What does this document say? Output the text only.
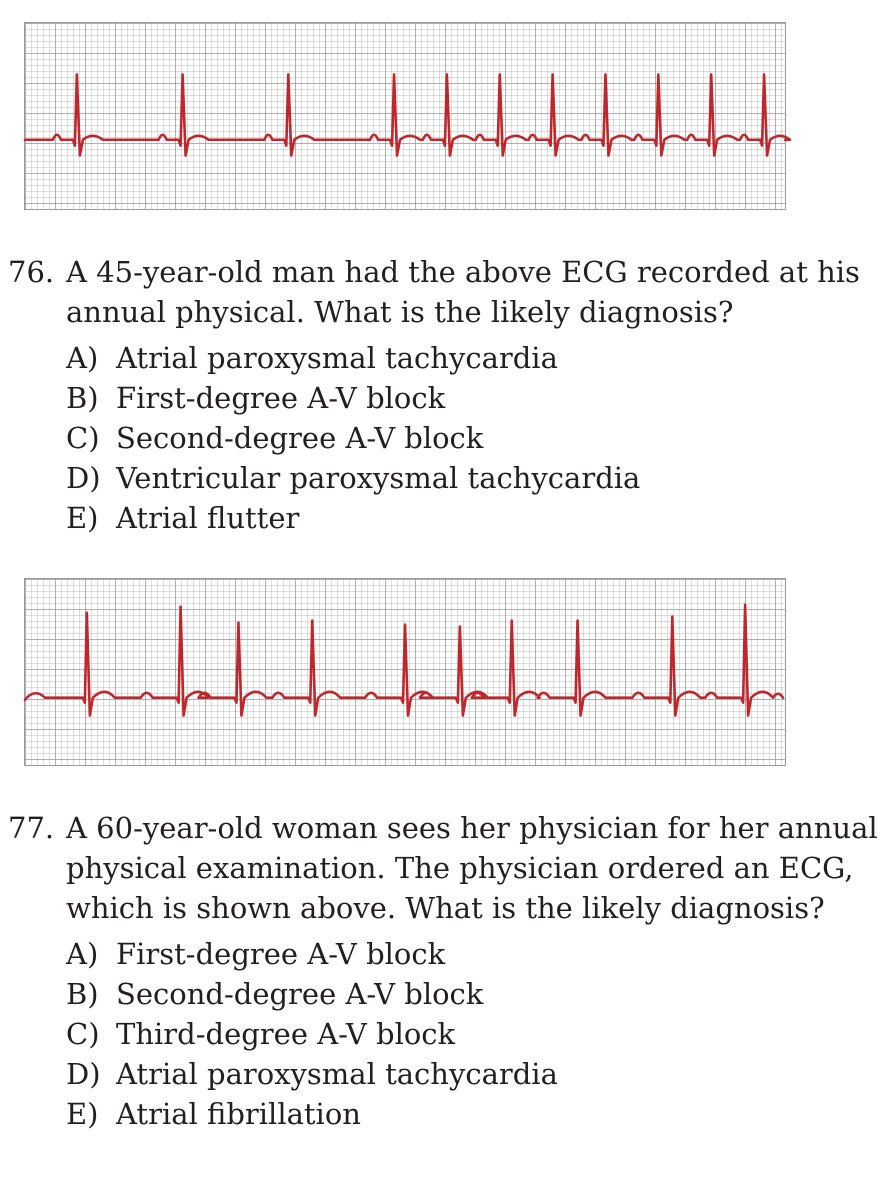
76. A 45-year-old man had the above ECG recorded at his annual physical. What is the likely diagnosis?
A) Atrial paroxysmal tachycardia
B) First-degree A-V block
C) Second-degree A-V block
D) Ventricular paroxysmal tachycardia
E) Atrial flutter
77. A 60-year-old woman sees her physician for her annual physical examination. The physician ordered an ECG, which is shown above. What is the likely diagnosis?
A) First-degree A-V block
B) Second-degree A-V block
C) Third-degree A-V block
D) Atrial paroxysmal tachycardia
E) Atrial fibrillation
